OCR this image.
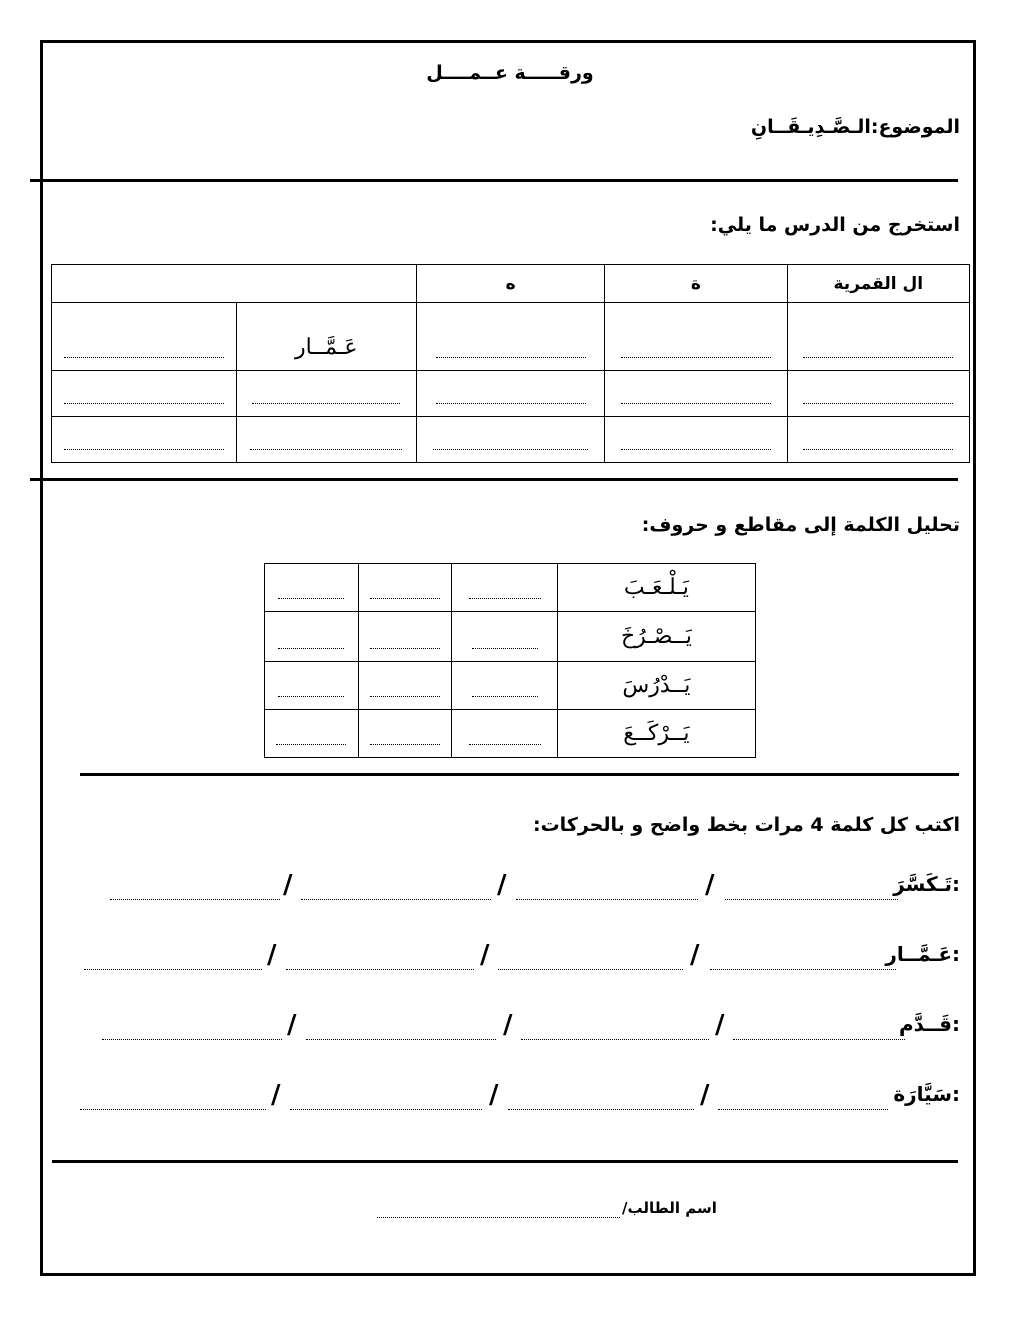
ورقـــــة عــمــــل
الموضوع:الـصَّـدِيـقَــانِ
استخرج من الدرس ما يلي:
		ه	ة	ال القمرية
	عَـمَّــار			

تحليل الكلمة إلى مقاطع و حروف:
			يَـلْـعَـبَ
			يَــصْـرُخَ
			يَــدْرُسَ
			يَــرْكَــعَ
اكتب كل كلمة 4 مرات بخط واضح و بالحركات:
تَـكَسَّرَ:
/
/
/
عَـمَّــار:
/
/
/
قَــدَّم:
/
/
/
سَيَّارَة:
/
/
/
اسم الطالب/
